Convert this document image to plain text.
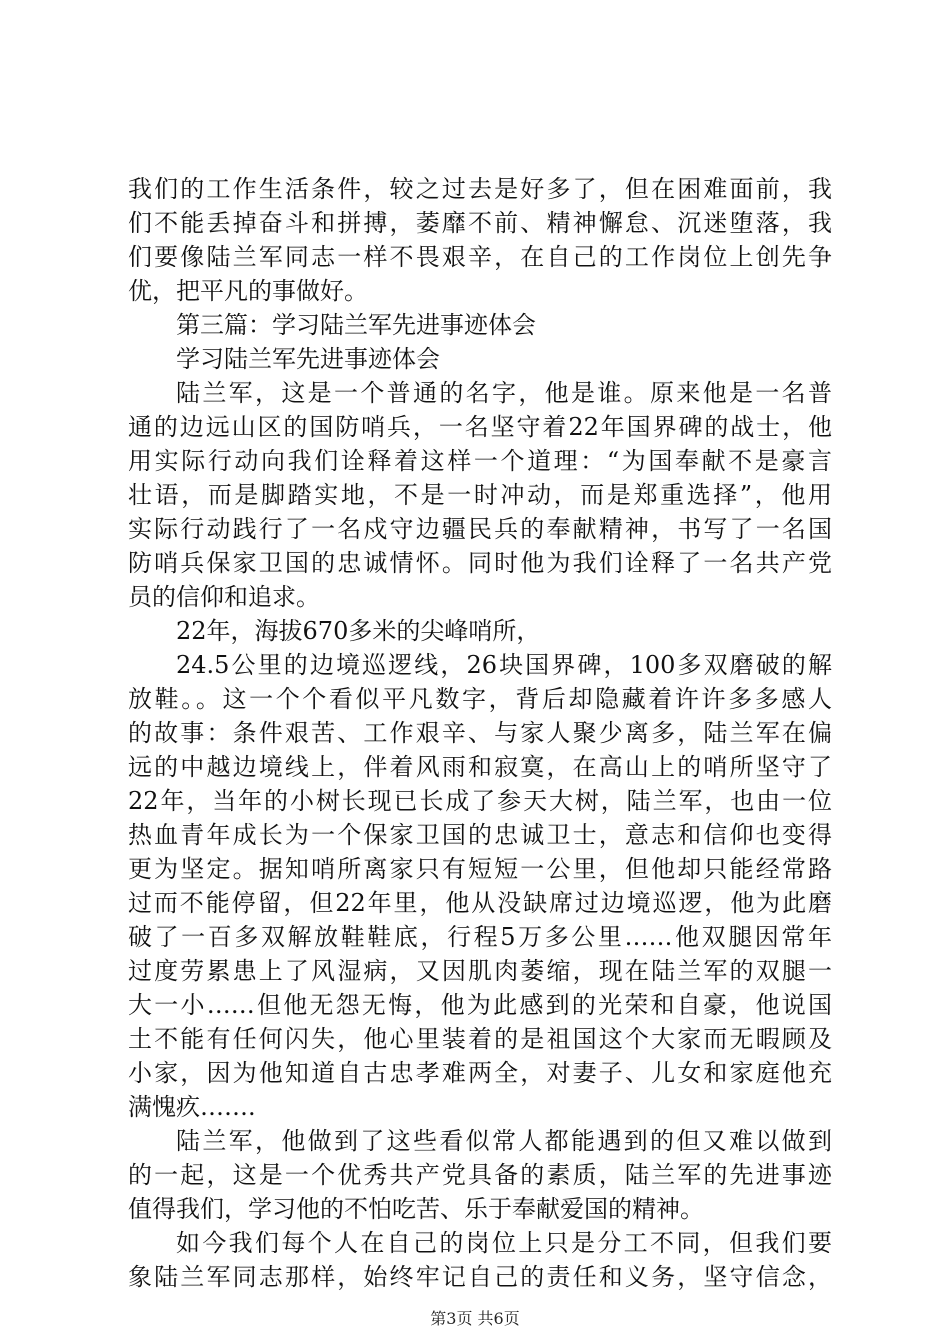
我们的工作生活条件，较之过去是好多了，但在困难面前，我
们不能丢掉奋斗和拼搏，萎靡不前、精神懈怠、沉迷堕落，我
们要像陆兰军同志一样不畏艰辛，在自己的工作岗位上创先争
优，把平凡的事做好。
第三篇：学习陆兰军先进事迹体会
学习陆兰军先进事迹体会
陆兰军，这是一个普通的名字，他是谁。原来他是一名普
通的边远山区的国防哨兵，一名坚守着22年国界碑的战士，他
用实际行动向我们诠释着这样一个道理：“为国奉献不是豪言
壮语，而是脚踏实地，不是一时冲动，而是郑重选择”，他用
实际行动践行了一名戍守边疆民兵的奉献精神，书写了一名国
防哨兵保家卫国的忠诚情怀。同时他为我们诠释了一名共产党
员的信仰和追求。
22年，海拔670多米的尖峰哨所，
24.5公里的边境巡逻线，26块国界碑，100多双磨破的解
放鞋。。这一个个看似平凡数字，背后却隐藏着许许多多感人
的故事：条件艰苦、工作艰辛、与家人聚少离多，陆兰军在偏
远的中越边境线上，伴着风雨和寂寞，在高山上的哨所坚守了
22年，当年的小树长现已长成了参天大树，陆兰军，也由一位
热血青年成长为一个保家卫国的忠诚卫士，意志和信仰也变得
更为坚定。据知哨所离家只有短短一公里，但他却只能经常路
过而不能停留，但22年里，他从没缺席过边境巡逻，他为此磨
破了一百多双解放鞋鞋底，行程5万多公里……他双腿因常年
过度劳累患上了风湿病，又因肌肉萎缩，现在陆兰军的双腿一
大一小……但他无怨无悔，他为此感到的光荣和自豪，他说国
土不能有任何闪失，他心里装着的是祖国这个大家而无暇顾及
小家，因为他知道自古忠孝难两全，对妻子、儿女和家庭他充
满愧疚…….
陆兰军，他做到了这些看似常人都能遇到的但又难以做到
的一起，这是一个优秀共产党具备的素质，陆兰军的先进事迹
值得我们，学习他的不怕吃苦、乐于奉献爱国的精神。
如今我们每个人在自己的岗位上只是分工不同，但我们要
象陆兰军同志那样，始终牢记自己的责任和义务，坚守信念，
第3页 共6页
